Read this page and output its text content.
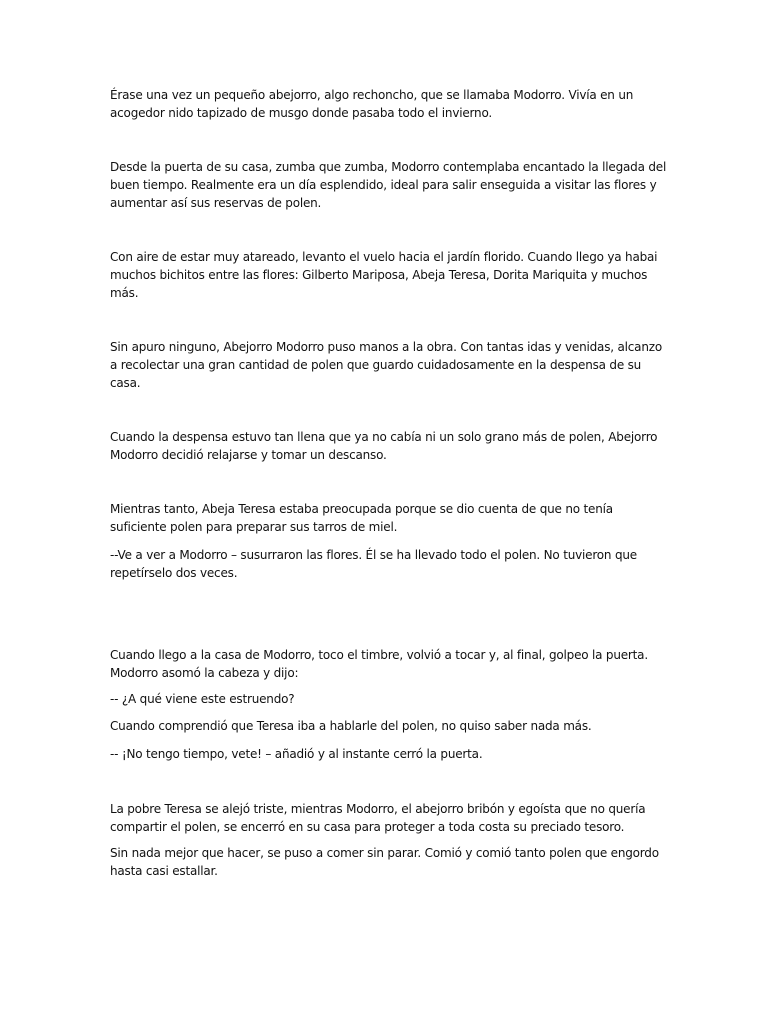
Érase una vez un pequeño abejorro, algo rechoncho, que se llamaba Modorro. Vivía en un acogedor nido tapizado de musgo donde pasaba todo el invierno.

Desde la puerta de su casa, zumba que zumba, Modorro contemplaba encantado la llegada del buen tiempo. Realmente era un día esplendido, ideal para salir enseguida a visitar las flores y aumentar así sus reservas de polen.

Con aire de estar muy atareado, levanto el vuelo hacia el jardín florido. Cuando llego ya habai muchos bichitos entre las flores: Gilberto Mariposa, Abeja Teresa, Dorita Mariquita y muchos más.

Sin apuro ninguno, Abejorro Modorro puso manos a la obra. Con tantas idas y venidas, alcanzo a recolectar una gran cantidad de polen que guardo cuidadosamente en la despensa de su casa.

Cuando la despensa estuvo tan llena que ya no cabía ni un solo grano más de polen, Abejorro Modorro decidió relajarse y tomar un descanso.

Mientras tanto, Abeja Teresa estaba preocupada porque se dio cuenta de que no tenía suficiente polen para preparar sus tarros de miel.

--Ve a ver a Modorro – susurraron las flores. Él se ha llevado todo el polen. No tuvieron que repetírselo dos veces.

Cuando llego a la casa de Modorro, toco el timbre, volvió a tocar y, al final, golpeo la puerta. Modorro asomó la cabeza y dijo:

-- ¿A qué viene este estruendo?

Cuando comprendió que Teresa iba a hablarle del polen, no quiso saber nada más.

-- ¡No tengo tiempo, vete! – añadió y al instante cerró la puerta.

La pobre Teresa se alejó triste, mientras Modorro, el abejorro bribón y egoísta que no quería compartir el polen, se encerró en su casa para proteger a toda costa su preciado tesoro.

Sin nada mejor que hacer, se puso a comer sin parar. Comió y comió tanto polen que engordo hasta casi estallar.
